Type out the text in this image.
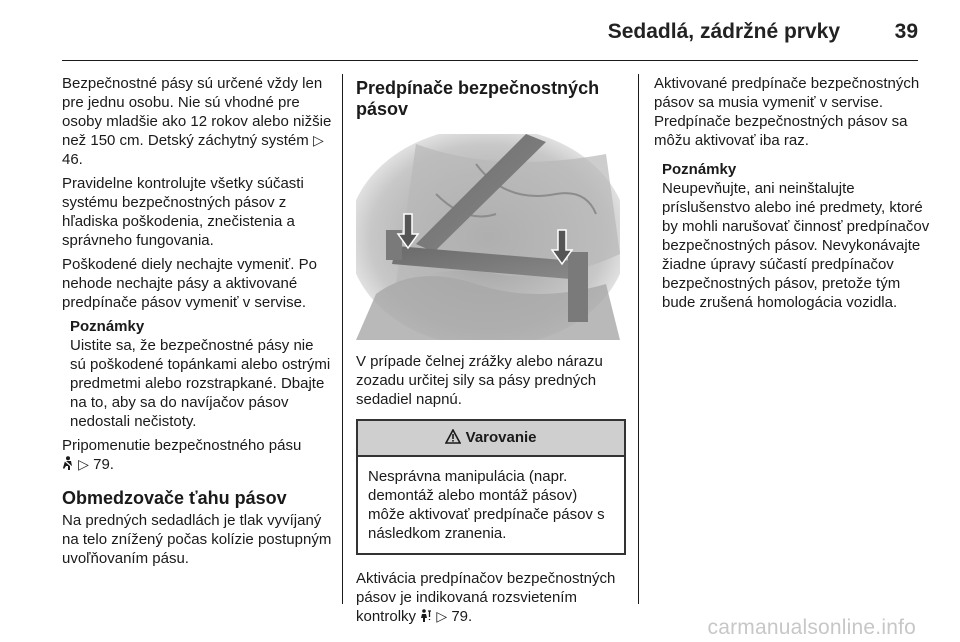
Sedadlá, zádržné prvky	39

Bezpečnostné pásy sú určené vždy len pre jednu osobu. Nie sú vhodné pre osoby mladšie ako 12 rokov alebo nižšie než 150 cm. Detský záchytný systém ▷ 46.

Pravidelne kontrolujte všetky súčasti systému bezpečnostných pásov z hľadiska poškodenia, znečistenia a správneho fungovania.

Poškodené diely nechajte vymeniť. Po nehode nechajte pásy a aktivované predpínače pásov vymeniť v servise.

Poznámky
Uistite sa, že bezpečnostné pásy nie sú poškodené topánkami alebo ostrými predmetmi alebo rozstrapkané. Dbajte na to, aby sa do navíjačov pásov nedostali nečistoty.

Pripomenutie bezpečnostného pásu
▷ 79.

Obmedzovače ťahu pásov

Na predných sedadlách je tlak vyvíjaný na telo znížený počas kolízie postupným uvoľňovaním pásu.

Predpínače bezpečnostných pásov

V prípade čelnej zrážky alebo nárazu zozadu určitej sily sa pásy predných sedadiel napnú.

Varovanie
Nesprávna manipulácia (napr. demontáž alebo montáž pásov) môže aktivovať predpínače pásov s následkom zranenia.

Aktivácia predpínačov bezpečnostných pásov je indikovaná rozsvietením kontrolky ▷ 79.

Aktivované predpínače bezpečnostných pásov sa musia vymeniť v servise. Predpínače bezpečnostných pásov sa môžu aktivovať iba raz.

Poznámky
Neupevňujte, ani neinštalujte príslušenstvo alebo iné predmety, ktoré by mohli narušovať činnosť predpínačov bezpečnostných pásov. Nevykonávajte žiadne úpravy súčastí predpínačov bezpečnostných pásov, pretože tým bude zrušená homologácia vozidla.
carmanualsonline.info
